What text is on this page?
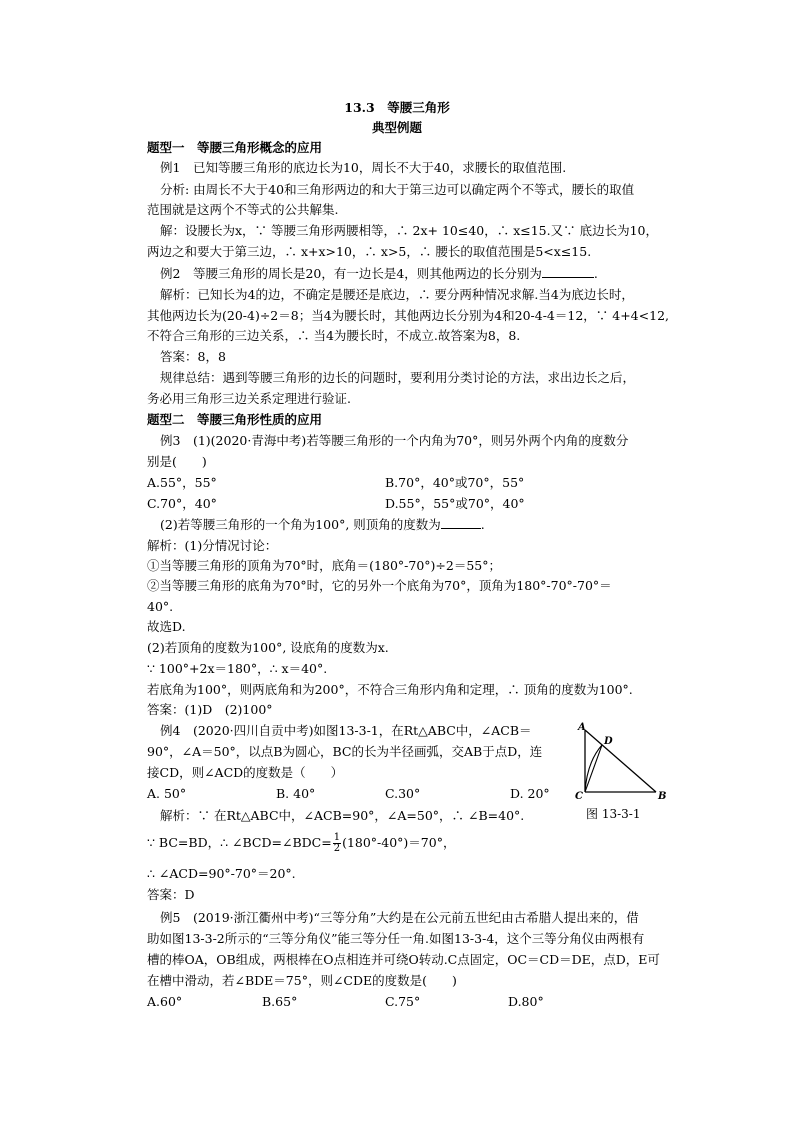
13.3　等腰三角形
典型例题
题型一　等腰三角形概念的应用
例1　已知等腰三角形的底边长为10，周长不大于40，求腰长的取值范围.
分析: 由周长不大于40和三角形两边的和大于第三边可以确定两个不等式，腰长的取值
范围就是这两个不等式的公共解集.
解：设腰长为x，∵ 等腰三角形两腰相等，∴ 2x+ 10≤40，∴ x≤15.又∵ 底边长为10，
两边之和要大于第三边，∴ x+x>10，∴ x>5，∴ 腰长的取值范围是5<x≤15.
例2　等腰三角形的周长是20，有一边长是4，则其他两边的长分别为	.
解析：已知长为4的边，不确定是腰还是底边，∴ 要分两种情况求解.当4为底边长时，
其他两边长为(20-4)÷2＝8；当4为腰长时，其他两边长分别为4和20-4-4＝12，∵ 4+4<12,
不符合三角形的三边关系，∴ 当4为腰长时，不成立.故答案为8，8.
答案：8，8
规律总结：遇到等腰三角形的边长的问题时，要利用分类讨论的方法，求出边长之后，
务必用三角形三边关系定理进行验证.
题型二　等腰三角形性质的应用
例3　(1)(2020·青海中考)若等腰三角形的一个内角为70°，则另外两个内角的度数分
别是(　　)
A.55°，55°	B.70°，40°或70°，55°
C.70°，40°	D.55°，55°或70°，40°
(2)若等腰三角形的一个角为100°, 则顶角的度数为	.
解析：(1)分情况讨论：
①当等腰三角形的顶角为70°时，底角＝(180°-70°)÷2＝55°；
②当等腰三角形的底角为70°时，它的另外一个底角为70°，顶角为180°-70°-70°＝
40°.
故选D.
(2)若顶角的度数为100°, 设底角的度数为x.
∵ 100°+2x＝180°，∴ x＝40°.
若底角为100°，则两底角和为200°，不符合三角形内角和定理，∴ 顶角的度数为100°.
答案：(1)D　(2)100°
例4　(2020·四川自贡中考)如图13-3-1，在Rt△ABC中，∠ACB＝
90°，∠A＝50°，以点B为圆心，BC的长为半径画弧，交AB于点D，连
接CD，则∠ACD的度数是（　　）
A. 50°	B. 40°	C.30°	D. 20°
解析：∵ 在Rt△ABC中，∠ACB=90°，∠A=50°，∴ ∠B=40°.
∵ BC=BD，∴ ∠BCD=∠BDC= $\frac{1}{2} (180^\circ-40^\circ)=70^\circ$，
∴ ∠ACD=90°-70°＝20°.
答案：D
A
D
C	B
图 13-3-1
例5　(2019·浙江衢州中考)“三等分角”大约是在公元前五世纪由古希腊人提出来的，借
助如图13-3-2所示的“三等分角仪”能三等分任一角.如图13-3-4，这个三等分角仪由两根有
槽的棒OA，OB组成，两根棒在O点相连并可绕O转动.C点固定，OC＝CD＝DE，点D，E可
在槽中滑动，若∠BDE＝75°，则∠CDE的度数是(　　)
A.60°	B.65°	C.75°	D.80°
